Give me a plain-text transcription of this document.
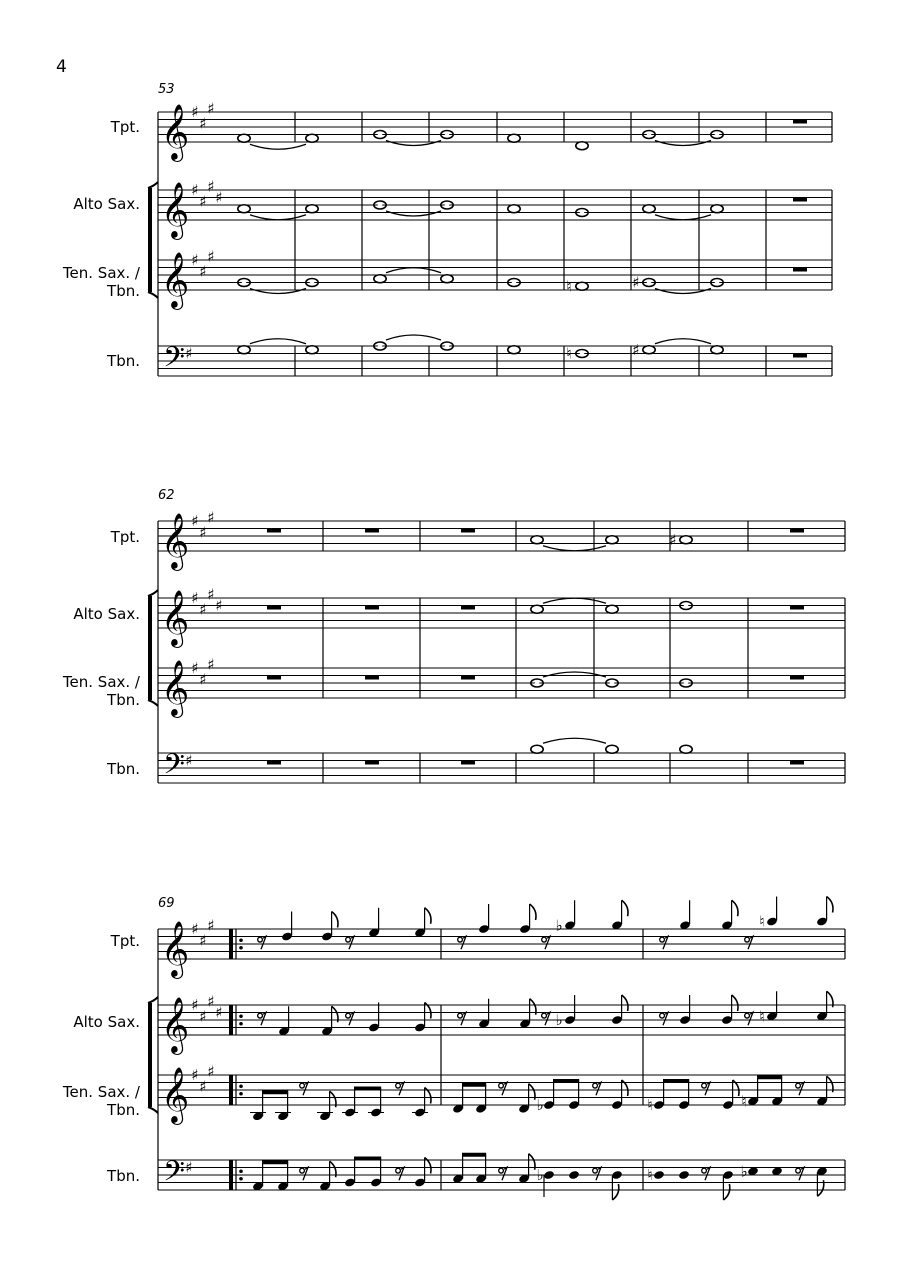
4
53
Tpt.
Alto Sax.
Ten. Sax. /
Tbn.
Tbn.
62
Tpt.
Alto Sax.
Ten. Sax. /
Tbn.
Tbn.
69
Tpt.
Alto Sax.
Ten. Sax. /
Tbn.
Tbn.
𝄞 ♯
♯
♯
𝄞 ♯
♯
♯
♯
𝄞 ♯
♯
♯
𝄢 ♯
♮	♯
♮	♯
𝄞 ♯
♯
♯
𝄞 ♯
♯
♯
♯
𝄞 ♯
♯
♯
𝄢 ♯
♯
𝄞 ♯
♯
♯
𝄞 ♯
♯
♯
♯
𝄞 ♯
♯
♯
𝄢 ♯
♭	♮
♭	♮
♭	♮	♮
♭	♮	♭
